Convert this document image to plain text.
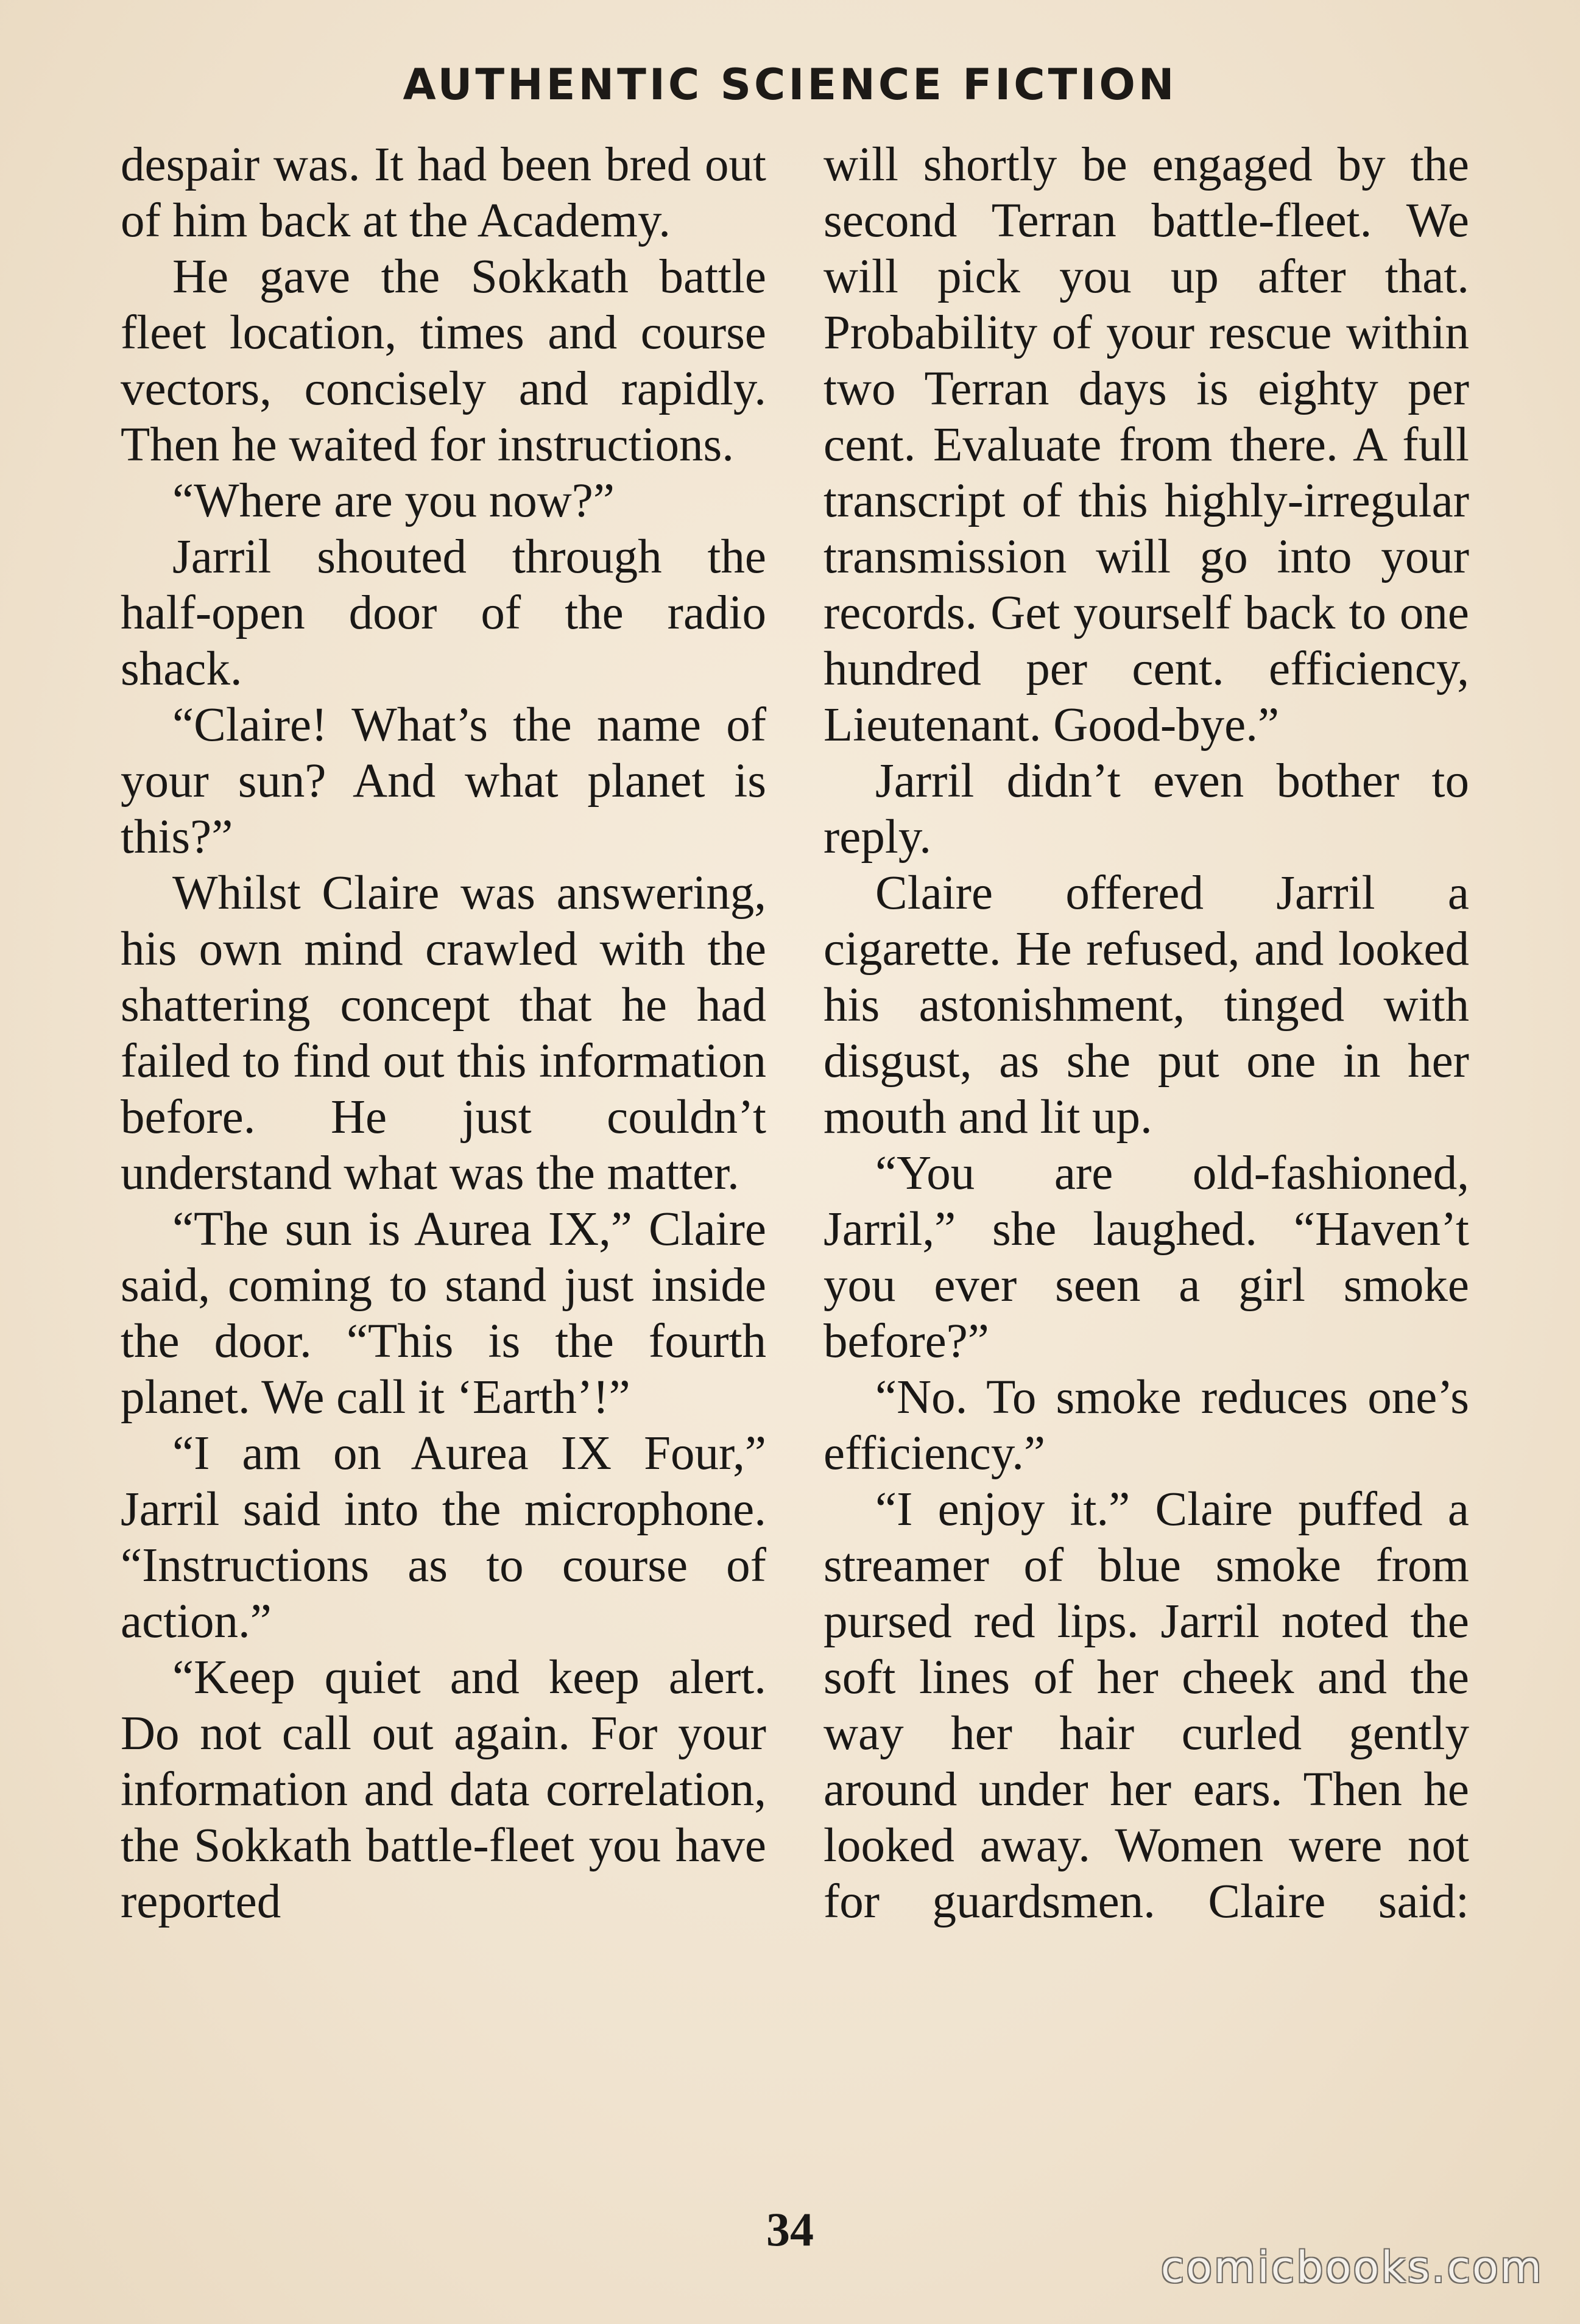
AUTHENTIC SCIENCE FICTION

despair was. It had been bred out of him back at the Academy.

He gave the Sokkath battle fleet location, times and course vectors, concisely and rapidly. Then he waited for instructions.

“Where are you now?”

Jarril shouted through the half-open door of the radio shack.

“Claire! What’s the name of your sun? And what planet is this?”

Whilst Claire was answering, his own mind crawled with the shattering concept that he had failed to find out this information before. He just couldn’t understand what was the matter.

“The sun is Aurea IX,” Claire said, coming to stand just inside the door. “This is the fourth planet. We call it ‘Earth’!”

“I am on Aurea IX Four,” Jarril said into the microphone. “Instructions as to course of action.”

“Keep quiet and keep alert. Do not call out again. For your information and data correlation, the Sokkath battle-fleet you have reported

will shortly be engaged by the second Terran battle-fleet. We will pick you up after that. Probability of your rescue within two Terran days is eighty per cent. Evaluate from there. A full transcript of this highly-irregular transmission will go into your records. Get yourself back to one hundred per cent. efficiency, Lieutenant. Good-bye.”

Jarril didn’t even bother to reply.

Claire offered Jarril a cigarette. He refused, and looked his astonishment, tinged with disgust, as she put one in her mouth and lit up.

“You are old-fashioned, Jarril,” she laughed. “Haven’t you ever seen a girl smoke before?”

“No. To smoke reduces one’s efficiency.”

“I enjoy it.” Claire puffed a streamer of blue smoke from pursed red lips. Jarril noted the soft lines of her cheek and the way her hair curled gently around under her ears. Then he looked away. Women were not for guardsmen. Claire said:

34
comicbooks.com
